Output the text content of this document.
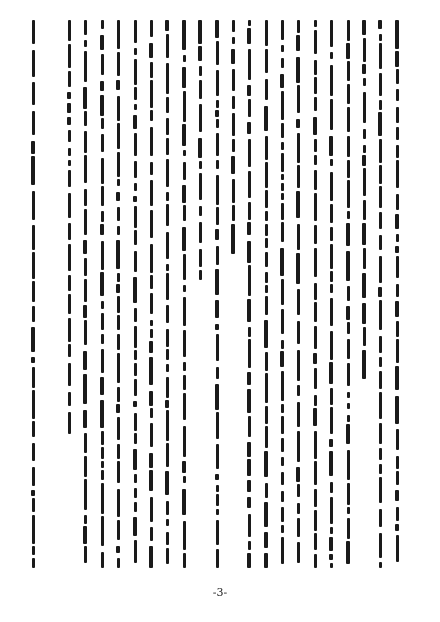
-3-
